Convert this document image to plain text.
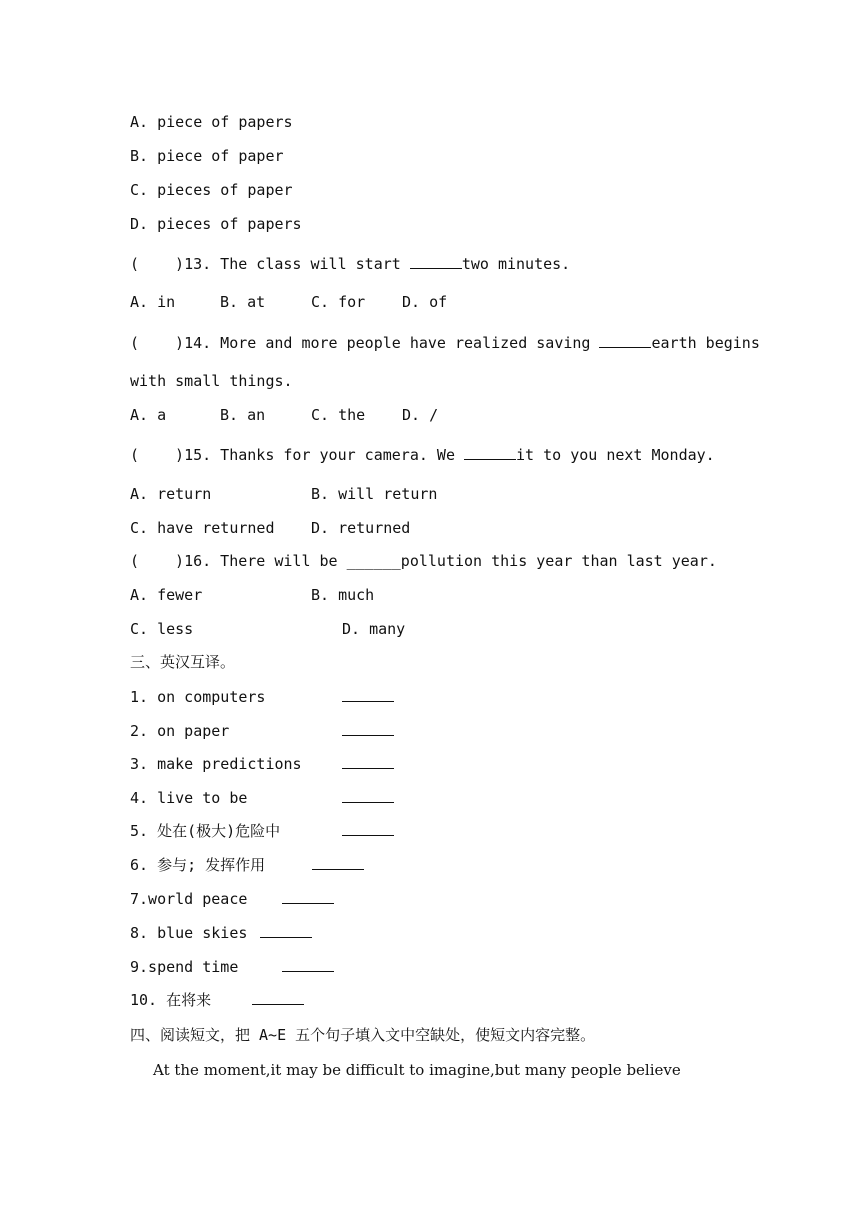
A. piece of papers
B. piece of paper
C. pieces of paper
D. pieces of papers
( )13. The class will start	two minutes.
A. in	B. at	C. for D. of
( )14. More and more people have realized saving	earth begins
with small things.
A. a	B. an	C. the D. /
( )15. Thanks for your camera. We	it to you next Monday.
A. return	B. will return
C. have returned D. returned
( )16. There will be ______pollution this year than last year.
A. fewer	B. much
C. less	D. many
三、英汉互译。
1. on computers
2. on paper
3. make predictions
4. live to be
5. 处在(极大)危险中
6. 参与; 发挥作用
7.world peace
8. blue skies
9.spend time
10. 在将来
四、阅读短文，把 A~E 五个句子填入文中空缺处，使短文内容完整。
At the moment,it may be difficult to imagine,but many people believe
